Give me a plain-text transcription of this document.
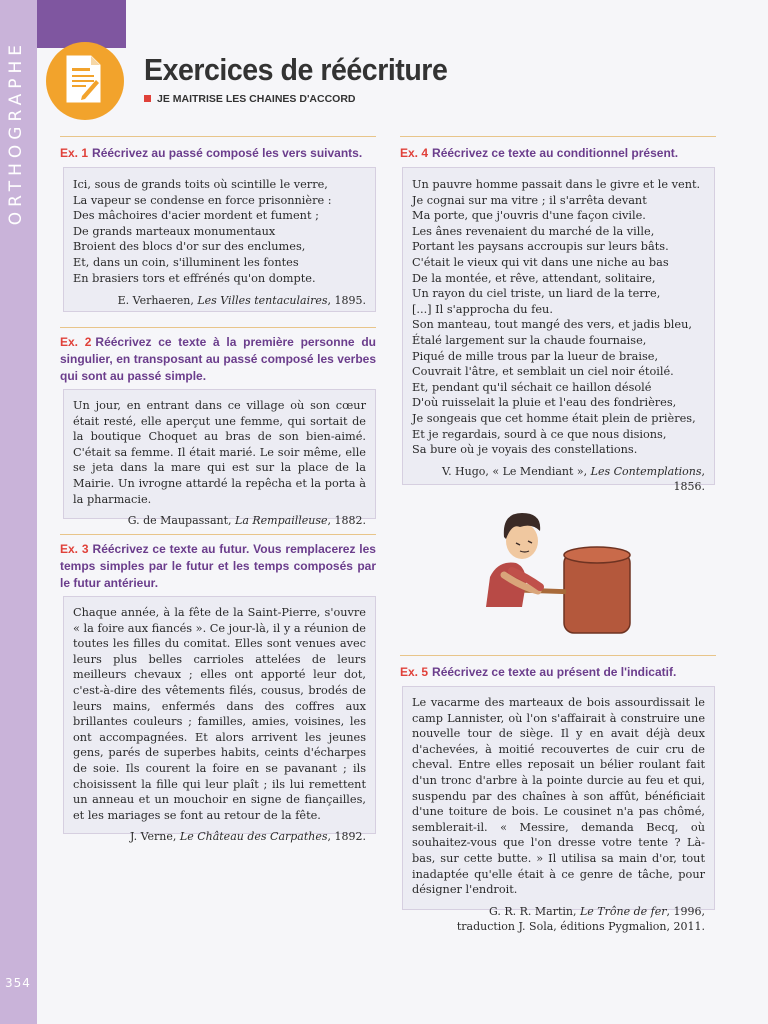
ORTHOGRAPHE
354
Exercices de réécriture
JE MAITRISE LES CHAINES D'ACCORD
Ex. 1 Réécrivez au passé composé les vers suivants.

Ici, sous de grands toits où scintille le verre,

La vapeur se condense en force prisonnière :

Des mâchoires d'acier mordent et fument ;

De grands marteaux monumentaux

Broient des blocs d'or sur des enclumes,

Et, dans un coin, s'illuminent les fontes

En brasiers tors et effrénés qu'on dompte.

E. Verhaeren, Les Villes tentaculaires, 1895.
Ex. 2 Réécrivez ce texte à la première personne du singulier, en transposant au passé composé les verbes qui sont au passé simple.

Un jour, en entrant dans ce village où son cœur était resté, elle aperçut une femme, qui sortait de la boutique Choquet au bras de son bien-aimé. C'était sa femme. Il était marié. Le soir même, elle se jeta dans la mare qui est sur la place de la Mairie. Un ivrogne attardé la repêcha et la porta à la pharmacie.

G. de Maupassant, La Rempailleuse, 1882.
Ex. 3 Réécrivez ce texte au futur. Vous remplacerez les temps simples par le futur et les temps composés par le futur antérieur.

Chaque année, à la fête de la Saint-Pierre, s'ouvre « la foire aux fiancés ». Ce jour-là, il y a réunion de toutes les filles du comitat. Elles sont venues avec leurs plus belles carrioles attelées de leurs meilleurs chevaux ; elles ont apporté leur dot, c'est-à-dire des vêtements filés, cousus, brodés de leurs mains, enfermés dans des coffres aux brillantes couleurs ; familles, amies, voisines, les ont accompagnées. Et alors arrivent les jeunes gens, parés de superbes habits, ceints d'écharpes de soie. Ils courent la foire en se pavanant ; ils choisissent la fille qui leur plaît ; ils lui remettent un anneau et un mouchoir en signe de fiançailles, et les mariages se font au retour de la fête.

J. Verne, Le Château des Carpathes, 1892.
Ex. 4 Réécrivez ce texte au conditionnel présent.

Un pauvre homme passait dans le givre et le vent.

Je cognai sur ma vitre ; il s'arrêta devant

Ma porte, que j'ouvris d'une façon civile.

Les ânes revenaient du marché de la ville,

Portant les paysans accroupis sur leurs bâts.

C'était le vieux qui vit dans une niche au bas

De la montée, et rêve, attendant, solitaire,

Un rayon du ciel triste, un liard de la terre,

[...] Il s'approcha du feu.

Son manteau, tout mangé des vers, et jadis bleu,

Étalé largement sur la chaude fournaise,

Piqué de mille trous par la lueur de braise,

Couvrait l'âtre, et semblait un ciel noir étoilé.

Et, pendant qu'il séchait ce haillon désolé

D'où ruisselait la pluie et l'eau des fondrières,

Je songeais que cet homme était plein de prières,

Et je regardais, sourd à ce que nous disions,

Sa bure où je voyais des constellations.

V. Hugo, « Le Mendiant », Les Contemplations, 1856.
Ex. 5 Réécrivez ce texte au présent de l'indicatif.

Le vacarme des marteaux de bois assourdissait le camp Lannister, où l'on s'affairait à construire une nouvelle tour de siège. Il y en avait déjà deux d'achevées, à moitié recouvertes de cuir cru de cheval. Entre elles reposait un bélier roulant fait d'un tronc d'arbre à la pointe durcie au feu et qui, suspendu par des chaînes à son affût, bénéficiait d'une toiture de bois. Le cousinet n'a pas chômé, semblerait-il. « Messire, demanda Becq, où souhaitez-vous que l'on dresse votre tente ? Là-bas, sur cette butte. » Il utilisa sa main d'or, tout inadaptée qu'elle était à ce genre de tâche, pour désigner l'endroit.

G. R. R. Martin, Le Trône de fer, 1996,
traduction J. Sola, éditions Pygmalion, 2011.
